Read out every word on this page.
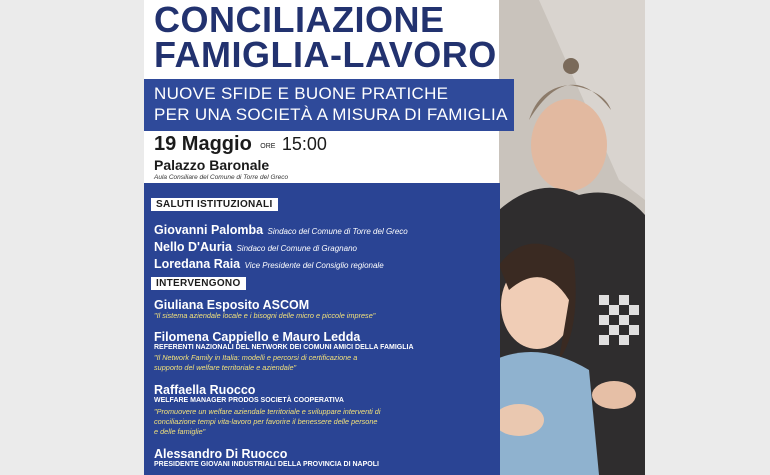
CONCILIAZIONE
FAMIGLIA-LAVORO
NUOVE SFIDE E BUONE PRATICHE
PER UNA SOCIETÀ A MISURA DI FAMIGLIA
19 Maggio ORE 15:00
Palazzo Baronale
Aula Consiliare del Comune di Torre del Greco
SALUTI ISTITUZIONALI
Giovanni Palomba Sindaco del Comune di Torre del Greco
Nello D'Auria Sindaco del Comune di Gragnano
Loredana Raia Vice Presidente del Consiglio regionale
INTERVENGONO
Giuliana Esposito ASCOM
"Il sistema aziendale locale e i bisogni delle micro e piccole imprese"
Filomena Cappiello e Mauro Ledda
REFERENTI NAZIONALI DEL NETWORK DEI COMUNI AMICI DELLA FAMIGLIA
"Il Network Family in Italia: modelli e percorsi di certificazione a
supporto del welfare territoriale e aziendale"
Raffaella Ruocco
WELFARE MANAGER PRODOS SOCIETÀ COOPERATIVA
"Promuovere un welfare aziendale territoriale e sviluppare interventi di
conciliazione tempi vita-lavoro per favorire il benessere delle persone
e delle famiglie"
Alessandro Di Ruocco
PRESIDENTE GIOVANI INDUSTRIALI DELLA PROVINCIA DI NAPOLI
